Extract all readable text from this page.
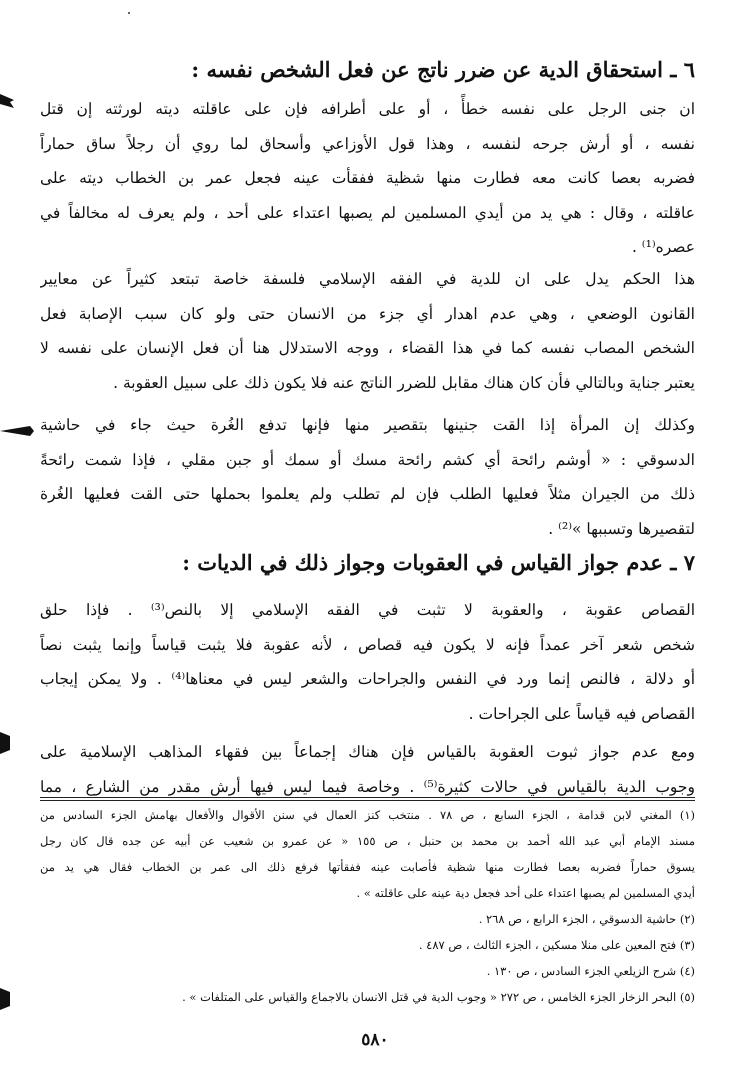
٦ ـ استحقاق الدية عن ضرر ناتج عن فعل الشخص نفسه :
ان جنى الرجل على نفسه خطأً ، أو على أطرافه فإن على عاقلته ديته لورثته إن قتل
نفسه ، أو أرش جرحه لنفسه ، وهذا قول الأوزاعي وأسحاق لما روي أن رجلاً ساق حماراً
فضربه بعصا كانت معه فطارت منها شظية ففقأت عينه فجعل عمر بن الخطاب ديته على
عاقلته ، وقال : هي يد من أيدي المسلمين لم يصبها اعتداء على أحد ، ولم يعرف له مخالفاً في
عصره⁽¹⁾ .
هذا الحكم يدل على ان للدية في الفقه الإسلامي فلسفة خاصة تبتعد كثيراً عن معايير
القانون الوضعي ، وهي عدم اهدار أي جزء من الانسان حتى ولو كان سبب الإصابة فعل
الشخص المصاب نفسه كما في هذا القضاء ، ووجه الاستدلال هنا أن فعل الإنسان على نفسه لا
يعتبر جناية وبالتالي فأن كان هناك مقابل للضرر الناتج عنه فلا يكون ذلك على سبيل العقوبة .
وكذلك إن المرأة إذا القت جنينها بتقصير منها فإنها تدفع الغُرة حيث جاء في حاشية
الدسوقي : « أوشم رائحة أي كشم رائحة مسك أو سمك أو جبن مقلي ، فإذا شمت رائحةً
ذلك من الجيران مثلاً فعليها الطلب فإن لم تطلب ولم يعلموا بحملها حتى القت فعليها الغُرة
لتقصيرها وتسببها »⁽²⁾ .
٧ ـ عدم جواز القياس في العقوبات وجواز ذلك في الديات :
القصاص عقوبة ، والعقوبة لا تثبت في الفقه الإسلامي إلا بالنص⁽³⁾ . فإذا حلق
شخص شعر آخر عمداً فإنه لا يكون فيه قصاص ، لأنه عقوبة فلا يثبت قياساً وإنما يثبت نصاً
أو دلالة ، فالنص إنما ورد في النفس والجراحات والشعر ليس في معناها⁽⁴⁾ . ولا يمكن إيجاب
القصاص فيه قياساً على الجراحات .
ومع عدم جواز ثبوت العقوبة بالقياس فإن هناك إجماعاً بين فقهاء المذاهب الإسلامية على
وجوب الدية بالقياس في حالات كثيرة⁽⁵⁾ . وخاصة فيما ليس فيها أرش مقدر من الشارع ، مما
(١) المغني لابن قدامة ، الجزء السابع ، ص ٧٨ . منتخب كنز العمال في سنن الأقوال والأفعال بهامش الجزء السادس من
مسند الإمام أبي عبد الله أحمد بن محمد بن حنبل ، ص ١٥٥ « عن عمرو بن شعيب عن أبيه عن جده قال كان رجل
يسوق حماراً فضربه بعصا فطارت منها شظية فأصابت عينه ففقأتها فرفع ذلك الى عمر بن الخطاب فقال هي يد من
أيدي المسلمين لم يصبها اعتداء على أحد فجعل دية عينه على عاقلته » .
(٢) حاشية الدسوقي ، الجزء الرابع ، ص ٢٦٨ .
(٣) فتح المعين على منلا مسكين ، الجزء الثالث ، ص ٤٨٧ .
(٤) شرح الزيلعي الجزء السادس ، ص ١٣٠ .
(٥) البحر الزخار الجزء الخامس ، ص ٢٧٢ « وجوب الدية في قتل الانسان بالاجماع والقياس على المتلفات » .
٥٨٠
